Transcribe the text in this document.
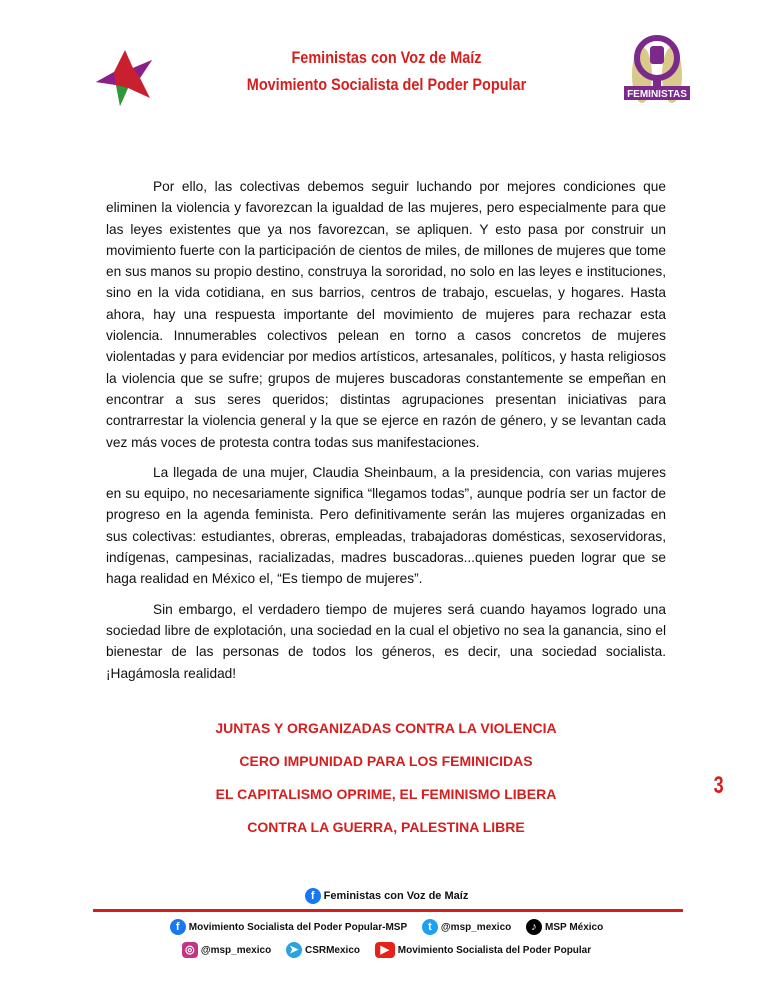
FEMINISTAS
Feministas con Voz de Maíz
Movimiento Socialista del Poder Popular

Por ello, las colectivas debemos seguir luchando por mejores condiciones que eliminen la violencia y favorezcan la igualdad de las mujeres, pero especialmente para que las leyes existentes que ya nos favorezcan, se apliquen. Y esto pasa por construir un movimiento fuerte con la participación de cientos de miles, de millones de mujeres que tome en sus manos su propio destino, construya la sororidad, no solo en las leyes e instituciones, sino en la vida cotidiana, en sus barrios, centros de trabajo, escuelas, y hogares. Hasta ahora, hay una respuesta importante del movimiento de mujeres para rechazar esta violencia. Innumerables colectivos pelean en torno a casos concretos de mujeres violentadas y para evidenciar por medios artísticos, artesanales, políticos, y hasta religiosos la violencia que se sufre; grupos de mujeres buscadoras constantemente se empeñan en encontrar a sus seres queridos; distintas agrupaciones presentan iniciativas para contrarrestar la violencia general y la que se ejerce en razón de género, y se levantan cada vez más voces de protesta contra todas sus manifestaciones.

La llegada de una mujer, Claudia Sheinbaum, a la presidencia, con varias mujeres en su equipo, no necesariamente significa “llegamos todas”, aunque podría ser un factor de progreso en la agenda feminista. Pero definitivamente serán las mujeres organizadas en sus colectivas: estudiantes, obreras, empleadas, trabajadoras domésticas, sexoservidoras, indígenas, campesinas, racializadas, madres buscadoras...quienes pueden lograr que se haga realidad en México el, “Es tiempo de mujeres”.

Sin embargo, el verdadero tiempo de mujeres será cuando hayamos logrado una sociedad libre de explotación, una sociedad en la cual el objetivo no sea la ganancia, sino el bienestar de las personas de todos los géneros, es decir, una sociedad socialista. ¡Hagámosla realidad!

JUNTAS Y ORGANIZADAS CONTRA LA VIOLENCIA
CERO IMPUNIDAD PARA LOS FEMINICIDAS
EL CAPITALISMO OPRIME, EL FEMINISMO LIBERA
CONTRA LA GUERRA, PALESTINA LIBRE
3
f Feministas con Voz de Maíz
f Movimiento Socialista del Poder Popular-MSP
	t @msp_mexico
	♪ MSP México
◎ @msp_mexico
	➤ CSRMexico
	▶ Movimiento Socialista del Poder Popular
